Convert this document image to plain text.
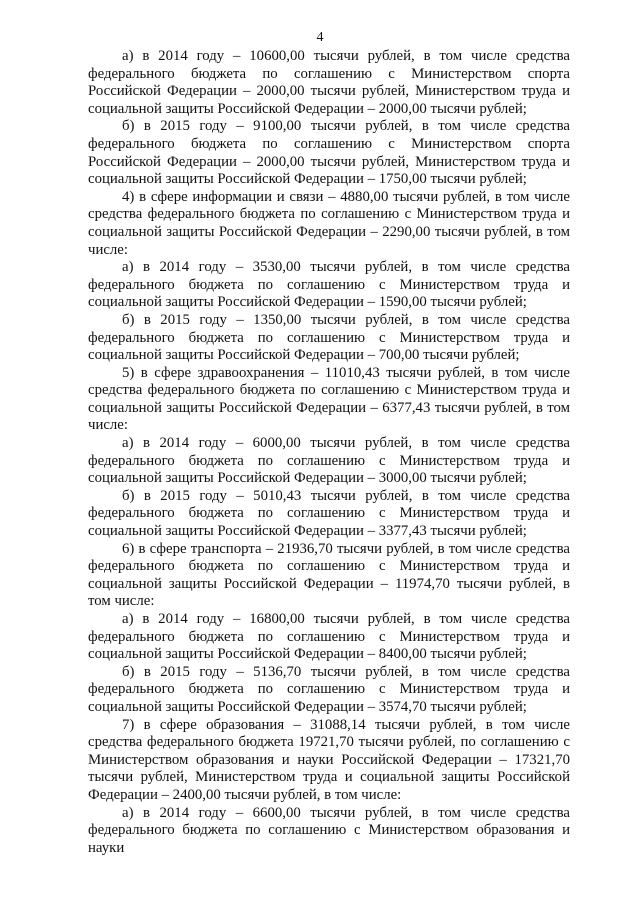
4

а) в 2014 году – 10600,00 тысячи рублей, в том числе средства федерального бюджета по соглашению с Министерством спорта Российской Федерации – 2000,00 тысячи рублей, Министерством труда и социальной защиты Российской Федерации – 2000,00 тысячи рублей;

б) в 2015 году – 9100,00 тысячи рублей, в том числе средства федерального бюджета по соглашению с Министерством спорта Российской Федерации – 2000,00 тысячи рублей, Министерством труда и социальной защиты Российской Федерации – 1750,00 тысячи рублей;

4) в сфере информации и связи – 4880,00 тысячи рублей, в том числе средства федерального бюджета по соглашению с Министерством труда и социальной защиты Российской Федерации – 2290,00 тысячи рублей, в том числе:

а) в 2014 году – 3530,00 тысячи рублей, в том числе средства федерального бюджета по соглашению с Министерством труда и социальной защиты Российской Федерации – 1590,00 тысячи рублей;

б) в 2015 году – 1350,00 тысячи рублей, в том числе средства федерального бюджета по соглашению с Министерством труда и социальной защиты Российской Федерации – 700,00 тысячи рублей;

5) в сфере здравоохранения – 11010,43 тысячи рублей, в том числе средства федерального бюджета по соглашению с Министерством труда и социальной защиты Российской Федерации – 6377,43 тысячи рублей, в том числе:

а) в 2014 году – 6000,00 тысячи рублей, в том числе средства федерального бюджета по соглашению с Министерством труда и социальной защиты Российской Федерации – 3000,00 тысячи рублей;

б) в 2015 году – 5010,43 тысячи рублей, в том числе средства федерального бюджета по соглашению с Министерством труда и социальной защиты Российской Федерации – 3377,43 тысячи рублей;

6) в сфере транспорта – 21936,70 тысячи рублей, в том числе средства федерального бюджета по соглашению с Министерством труда и социальной защиты Российской Федерации – 11974,70 тысячи рублей, в том числе:

а) в 2014 году – 16800,00 тысячи рублей, в том числе средства федерального бюджета по соглашению с Министерством труда и социальной защиты Российской Федерации – 8400,00 тысячи рублей;

б) в 2015 году – 5136,70 тысячи рублей, в том числе средства федерального бюджета по соглашению с Министерством труда и социальной защиты Российской Федерации – 3574,70 тысячи рублей;

7) в сфере образования – 31088,14 тысячи рублей, в том числе средства федерального бюджета 19721,70 тысячи рублей, по соглашению с Министерством образования и науки Российской Федерации – 17321,70 тысячи рублей, Министерством труда и социальной защиты Российской Федерации – 2400,00 тысячи рублей, в том числе:

а) в 2014 году – 6600,00 тысячи рублей, в том числе средства федерального бюджета по соглашению с Министерством образования и науки
